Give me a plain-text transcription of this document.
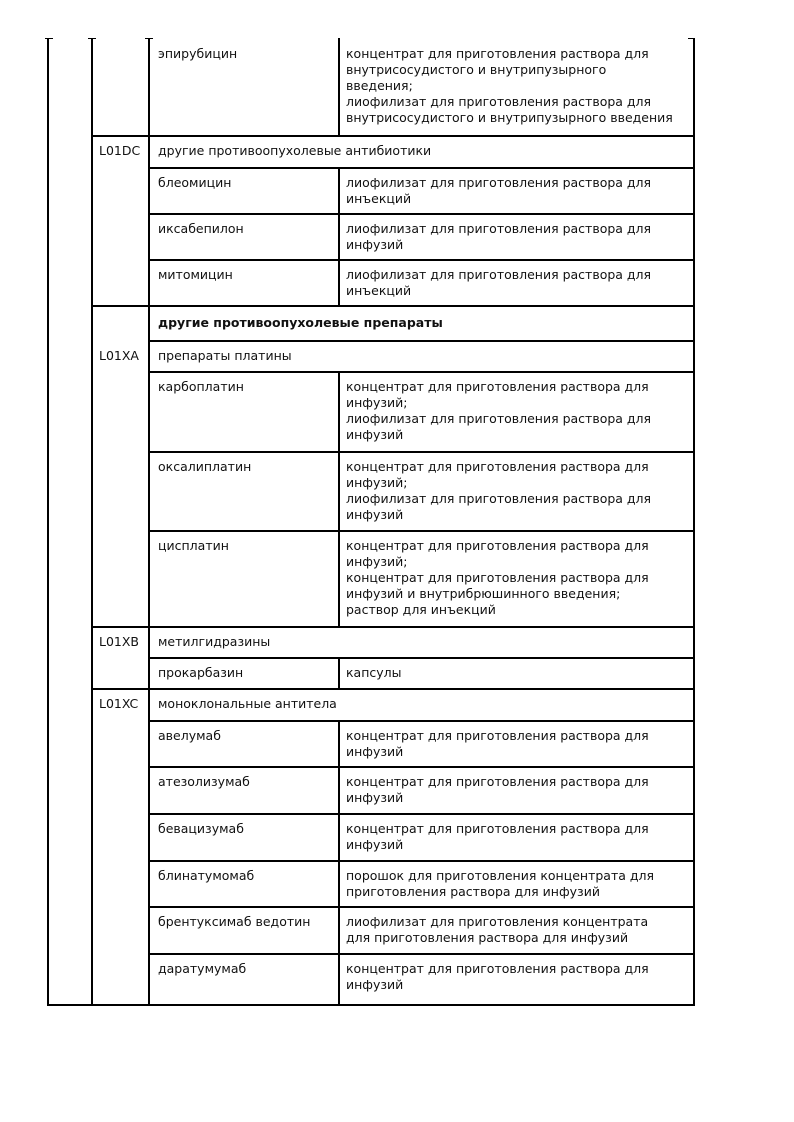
эпирубицин	концентрат для приготовления раствора для
внутрисосудистого и внутрипузырного
введения;
лиофилизат для приготовления раствора для
внутрисосудистого и внутрипузырного введения
L01DC	другие противоопухолевые антибиотики
блеомицин	лиофилизат для приготовления раствора для
инъекций
иксабепилон	лиофилизат для приготовления раствора для
инфузий
митомицин	лиофилизат для приготовления раствора для
инъекций
другие противоопухолевые препараты
L01XA	препараты платины
карбоплатин	концентрат для приготовления раствора для
инфузий;
лиофилизат для приготовления раствора для
инфузий
оксалиплатин	концентрат для приготовления раствора для
инфузий;
лиофилизат для приготовления раствора для
инфузий
цисплатин	концентрат для приготовления раствора для
инфузий;
концентрат для приготовления раствора для
инфузий и внутрибрюшинного введения;
раствор для инъекций
L01XB	метилгидразины
прокарбазин	капсулы
L01XC	моноклональные антитела
авелумаб	концентрат для приготовления раствора для
инфузий
атезолизумаб	концентрат для приготовления раствора для
инфузий
бевацизумаб	концентрат для приготовления раствора для
инфузий
блинатумомаб	порошок для приготовления концентрата для
приготовления раствора для инфузий
брентуксимаб ведотин	лиофилизат для приготовления концентрата
для приготовления раствора для инфузий
даратумумаб	концентрат для приготовления раствора для
инфузий
